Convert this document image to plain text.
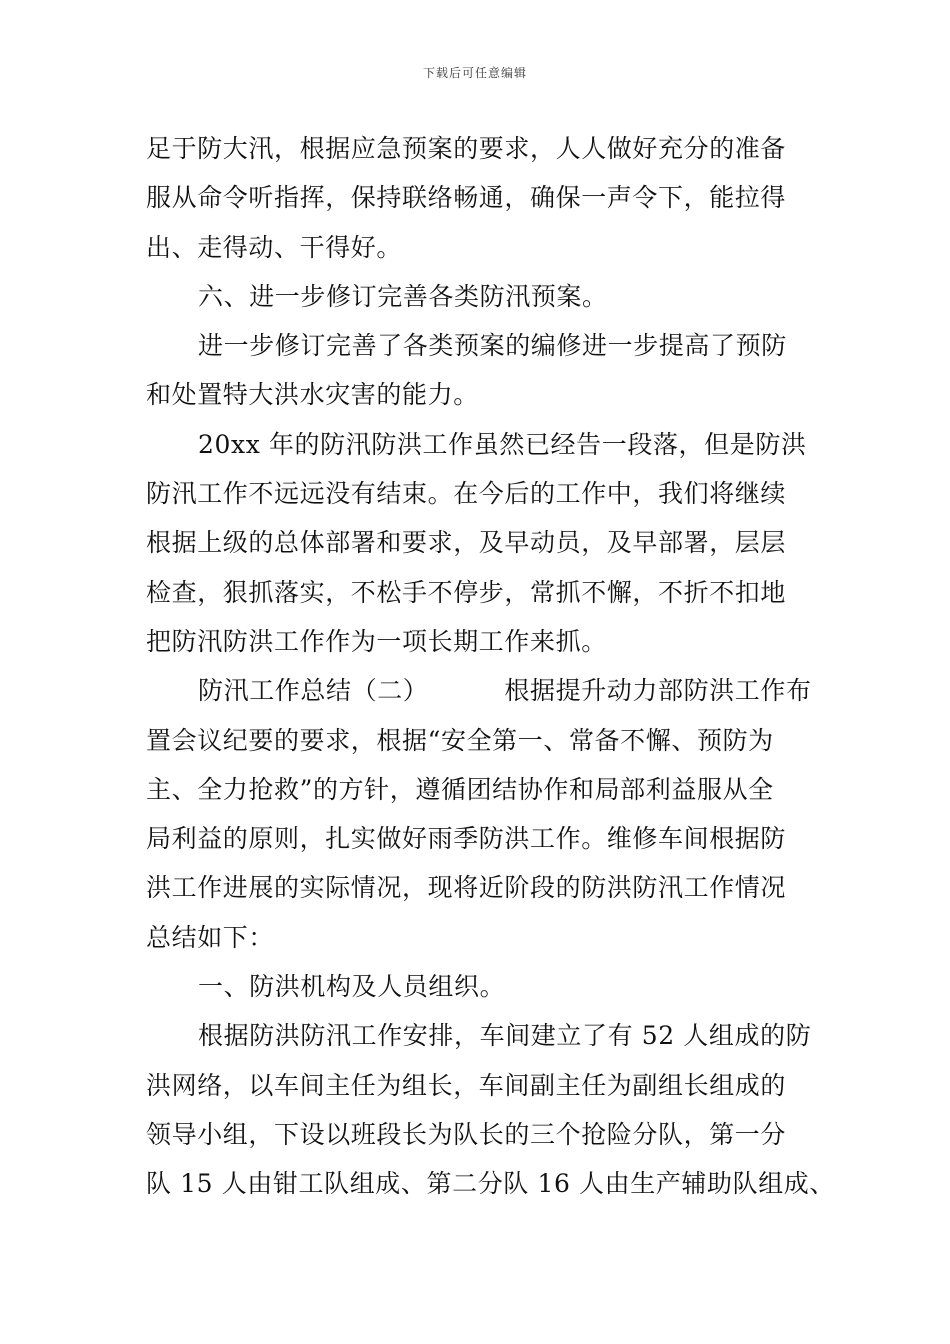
下载后可任意编辑
足于防大汛，根据应急预案的要求，人人做好充分的准备
服从命令听指挥，保持联络畅通，确保一声令下，能拉得
出、走得动、干得好。
六、进一步修订完善各类防汛预案。
进一步修订完善了各类预案的编修进一步提高了预防
和处置特大洪水灾害的能力。
20xx 年的防汛防洪工作虽然已经告一段落，但是防洪
防汛工作不远远没有结束。在今后的工作中，我们将继续
根据上级的总体部署和要求，及早动员，及早部署，层层
检查，狠抓落实，不松手不停步，常抓不懈，不折不扣地
把防汛防洪工作作为一项长期工作来抓。
防汛工作总结（二）	根据提升动力部防洪工作布
置会议纪要的要求，根据“安全第一、常备不懈、预防为
主、全力抢救”的方针，遵循团结协作和局部利益服从全
局利益的原则，扎实做好雨季防洪工作。维修车间根据防
洪工作进展的实际情况，现将近阶段的防洪防汛工作情况
总结如下：
一、防洪机构及人员组织。
根据防洪防汛工作安排，车间建立了有 52 人组成的防
洪网络，以车间主任为组长，车间副主任为副组长组成的
领导小组，下设以班段长为队长的三个抢险分队，第一分
队 15 人由钳工队组成、第二分队 16 人由生产辅助队组成、
